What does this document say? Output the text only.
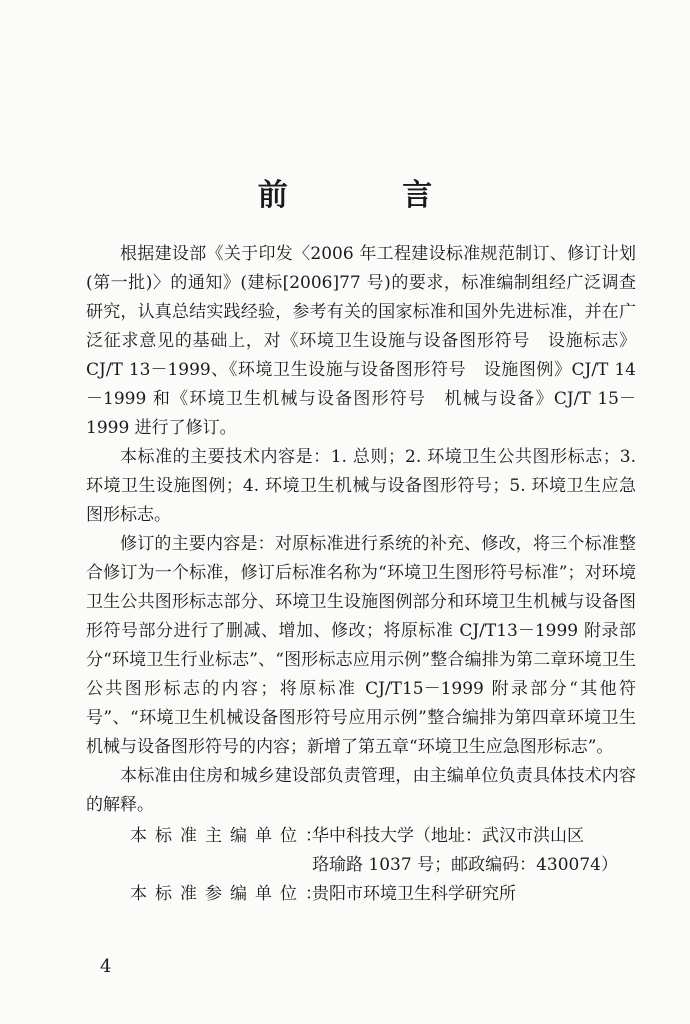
前 言

根据建设部《关于印发〈2006 年工程建设标准规范制订、修订计划(第一批)〉的通知》(建标[2006]77 号)的要求，标准编制组经广泛调查研究，认真总结实践经验，参考有关的国家标准和国外先进标准，并在广泛征求意见的基础上，对《环境卫生设施与设备图形符号　设施标志》CJ/T 13－1999、《环境卫生设施与设备图形符号　设施图例》CJ/T 14－1999 和《环境卫生机械与设备图形符号　机械与设备》CJ/T 15－1999 进行了修订。

本标准的主要技术内容是：1. 总则；2. 环境卫生公共图形标志；3. 环境卫生设施图例；4. 环境卫生机械与设备图形符号；5. 环境卫生应急图形标志。

修订的主要内容是：对原标准进行系统的补充、修改，将三个标准整合修订为一个标准，修订后标准名称为“环境卫生图形符号标准”；对环境卫生公共图形标志部分、环境卫生设施图例部分和环境卫生机械与设备图形符号部分进行了删减、增加、修改；将原标准 CJ/T13－1999 附录部分“环境卫生行业标志”、“图形标志应用示例”整合编排为第二章环境卫生公共图形标志的内容；将原标准 CJ/T15－1999 附录部分“其他符号”、“环境卫生机械设备图形符号应用示例”整合编排为第四章环境卫生机械与设备图形符号的内容；新增了第五章“环境卫生应急图形标志”。

本标准由住房和城乡建设部负责管理，由主编单位负责具体技术内容的解释。

本标准主编单位：
华中科技大学（地址：武汉市洪山区
珞瑜路 1037 号；邮政编码：430074）
本标准参编单位：
贵阳市环境卫生科学研究所
4
